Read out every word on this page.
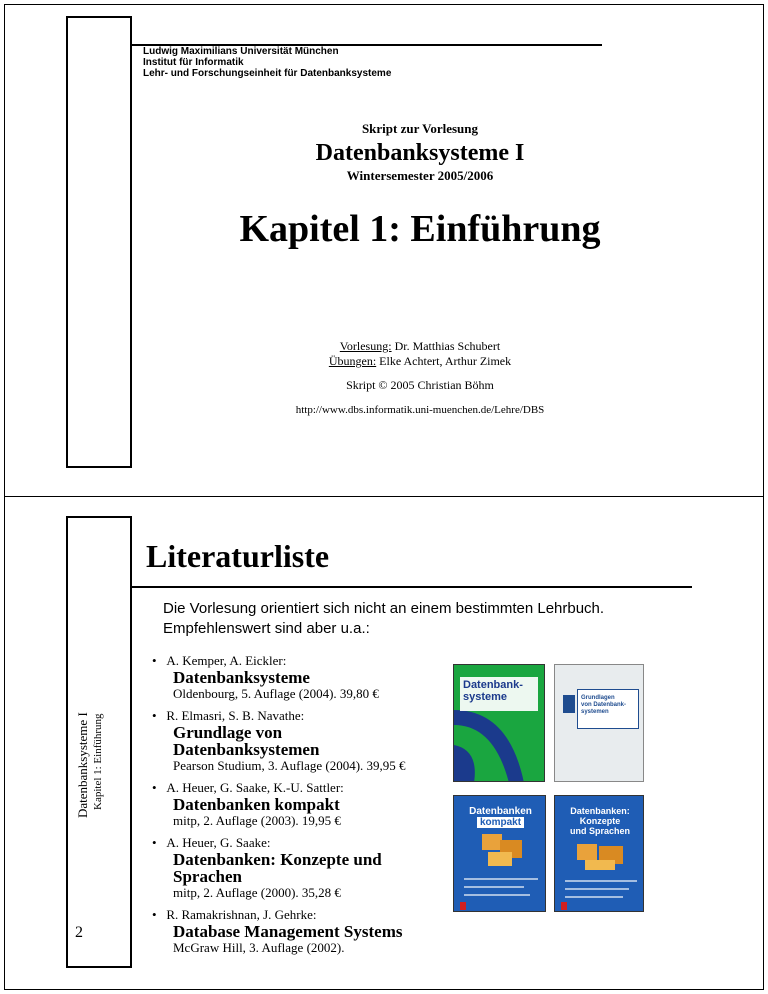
Ludwig Maximilians Universität München
Institut für Informatik
Lehr- und Forschungseinheit für Datenbanksysteme
Skript zur Vorlesung
Datenbanksysteme I
Wintersemester 2005/2006
Kapitel 1: Einführung
Vorlesung: Dr. Matthias Schubert
Übungen: Elke Achtert, Arthur Zimek
Skript © 2005 Christian Böhm
http://www.dbs.informatik.uni-muenchen.de/Lehre/DBS
Datenbanksysteme I Kapitel 1: Einführung
Literaturliste
Die Vorlesung orientiert sich nicht an einem bestimmten Lehrbuch.
Empfehlenswert sind aber u.a.:
2
•   A. Kemper, A. Eickler:
Datenbanksysteme
Oldenbourg, 5. Auflage (2004). 39,80 €
•   R. Elmasri, S. B. Navathe:
Grundlage von Datenbanksystemen
Pearson Studium, 3. Auflage (2004). 39,95 €
•   A. Heuer, G. Saake, K.-U. Sattler:
Datenbanken kompakt
mitp, 2. Auflage (2003). 19,95 €
•   A. Heuer, G. Saake:
Datenbanken: Konzepte und Sprachen
mitp, 2. Auflage (2000). 35,28 €
•   R. Ramakrishnan, J. Gehrke:
Database Management Systems
McGraw Hill, 3. Auflage (2002).
Datenbank-
systeme	Grundlagen
von Datenbank-
systemen
Datenbanken
kompakt
Datenbanken:
Konzepte
und Sprachen
